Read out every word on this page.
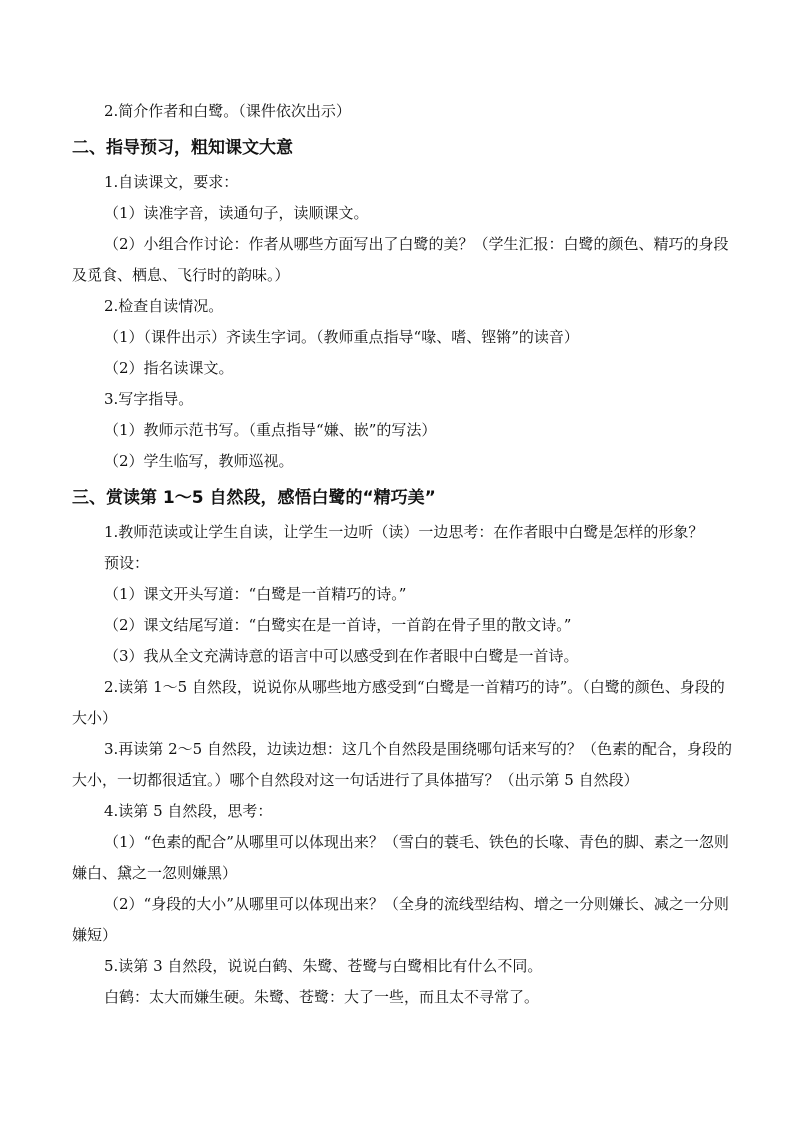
2.简介作者和白鹭。（课件依次出示）

二、指导预习，粗知课文大意

1.自读课文，要求：

（1）读准字音，读通句子，读顺课文。

（2）小组合作讨论：作者从哪些方面写出了白鹭的美？（学生汇报：白鹭的颜色、精巧的身段及觅食、栖息、飞行时的韵味。）

2.检查自读情况。

（1）（课件出示）齐读生字词。（教师重点指导“喙、嗜、铿锵”的读音）

（2）指名读课文。

3.写字指导。

（1）教师示范书写。（重点指导“嫌、嵌”的写法）

（2）学生临写，教师巡视。

三、赏读第 1～5 自然段，感悟白鹭的“精巧美”

1.教师范读或让学生自读，让学生一边听（读）一边思考：在作者眼中白鹭是怎样的形象？

预设：

（1）课文开头写道：“白鹭是一首精巧的诗。”

（2）课文结尾写道：“白鹭实在是一首诗，一首韵在骨子里的散文诗。”

（3）我从全文充满诗意的语言中可以感受到在作者眼中白鹭是一首诗。

2.读第 1～5 自然段，说说你从哪些地方感受到“白鹭是一首精巧的诗”。（白鹭的颜色、身段的大小）

3.再读第 2～5 自然段，边读边想：这几个自然段是围绕哪句话来写的？（色素的配合，身段的大小，一切都很适宜。）哪个自然段对这一句话进行了具体描写？（出示第 5 自然段）

4.读第 5 自然段，思考：

（1）“色素的配合”从哪里可以体现出来？（雪白的蓑毛、铁色的长喙、青色的脚、素之一忽则嫌白、黛之一忽则嫌黑）

（2）“身段的大小”从哪里可以体现出来？（全身的流线型结构、增之一分则嫌长、减之一分则嫌短）

5.读第 3 自然段，说说白鹤、朱鹭、苍鹭与白鹭相比有什么不同。

白鹤：太大而嫌生硬。朱鹭、苍鹭：大了一些，而且太不寻常了。
